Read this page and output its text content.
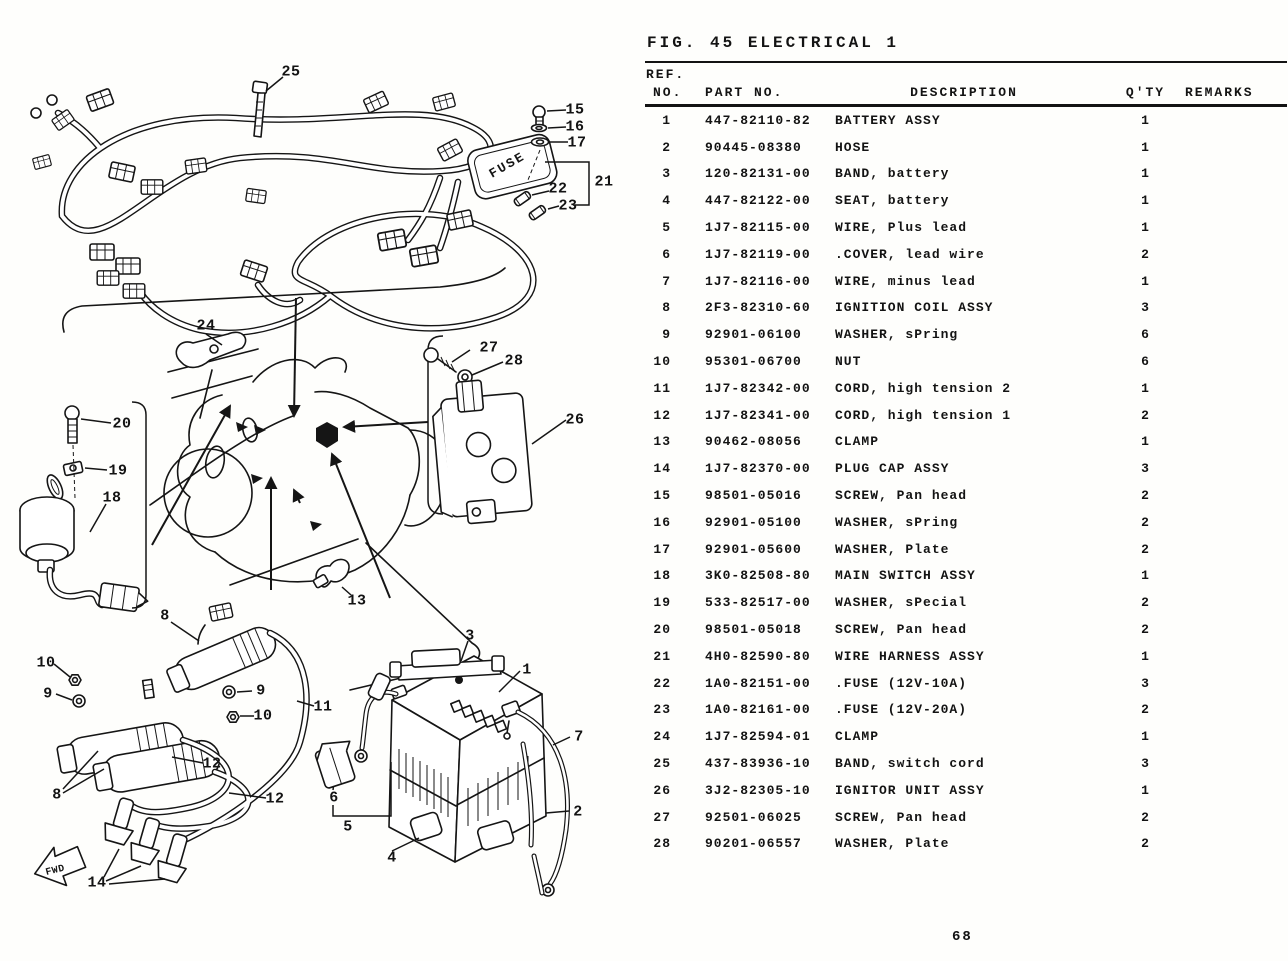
FUSE
FWD
25
15
16
17
21
22
23
24
27
28
26
20
19
18
13
8
10
9	9
10
11
3
1
7
12
12	6
5
2
4
8
14
FIG. 45 ELECTRICAL 1
REF.
NO.	PART NO.	DESCRIPTION	Q'TY	REMARKS
1	447-82110-82	BATTERY ASSY	1
2	90445-08380	HOSE	1
3	120-82131-00	BAND, battery	1
4	447-82122-00	SEAT, battery	1
5	1J7-82115-00	WIRE, Plus lead	1
6	1J7-82119-00	.COVER, lead wire	2
7	1J7-82116-00	WIRE, minus lead	1
8	2F3-82310-60	IGNITION COIL ASSY	3
9	92901-06100	WASHER, sPring	6
10	95301-06700	NUT	6
11	1J7-82342-00	CORD, high tension 2	1
12	1J7-82341-00	CORD, high tension 1	2
13	90462-08056	CLAMP	1
14	1J7-82370-00	PLUG CAP ASSY	3
15	98501-05016	SCREW, Pan head	2
16	92901-05100	WASHER, sPring	2
17	92901-05600	WASHER, Plate	2
18	3K0-82508-80	MAIN SWITCH ASSY	1
19	533-82517-00	WASHER, sPecial	2
20	98501-05018	SCREW, Pan head	2
21	4H0-82590-80	WIRE HARNESS ASSY	1
22	1A0-82151-00	.FUSE (12V-10A)	3
23	1A0-82161-00	.FUSE (12V-20A)	2
24	1J7-82594-01	CLAMP	1
25	437-83936-10	BAND, switch cord	3
26	3J2-82305-10	IGNITOR UNIT ASSY	1
27	92501-06025	SCREW, Pan head	2
28	90201-06557	WASHER, Plate	2
68
